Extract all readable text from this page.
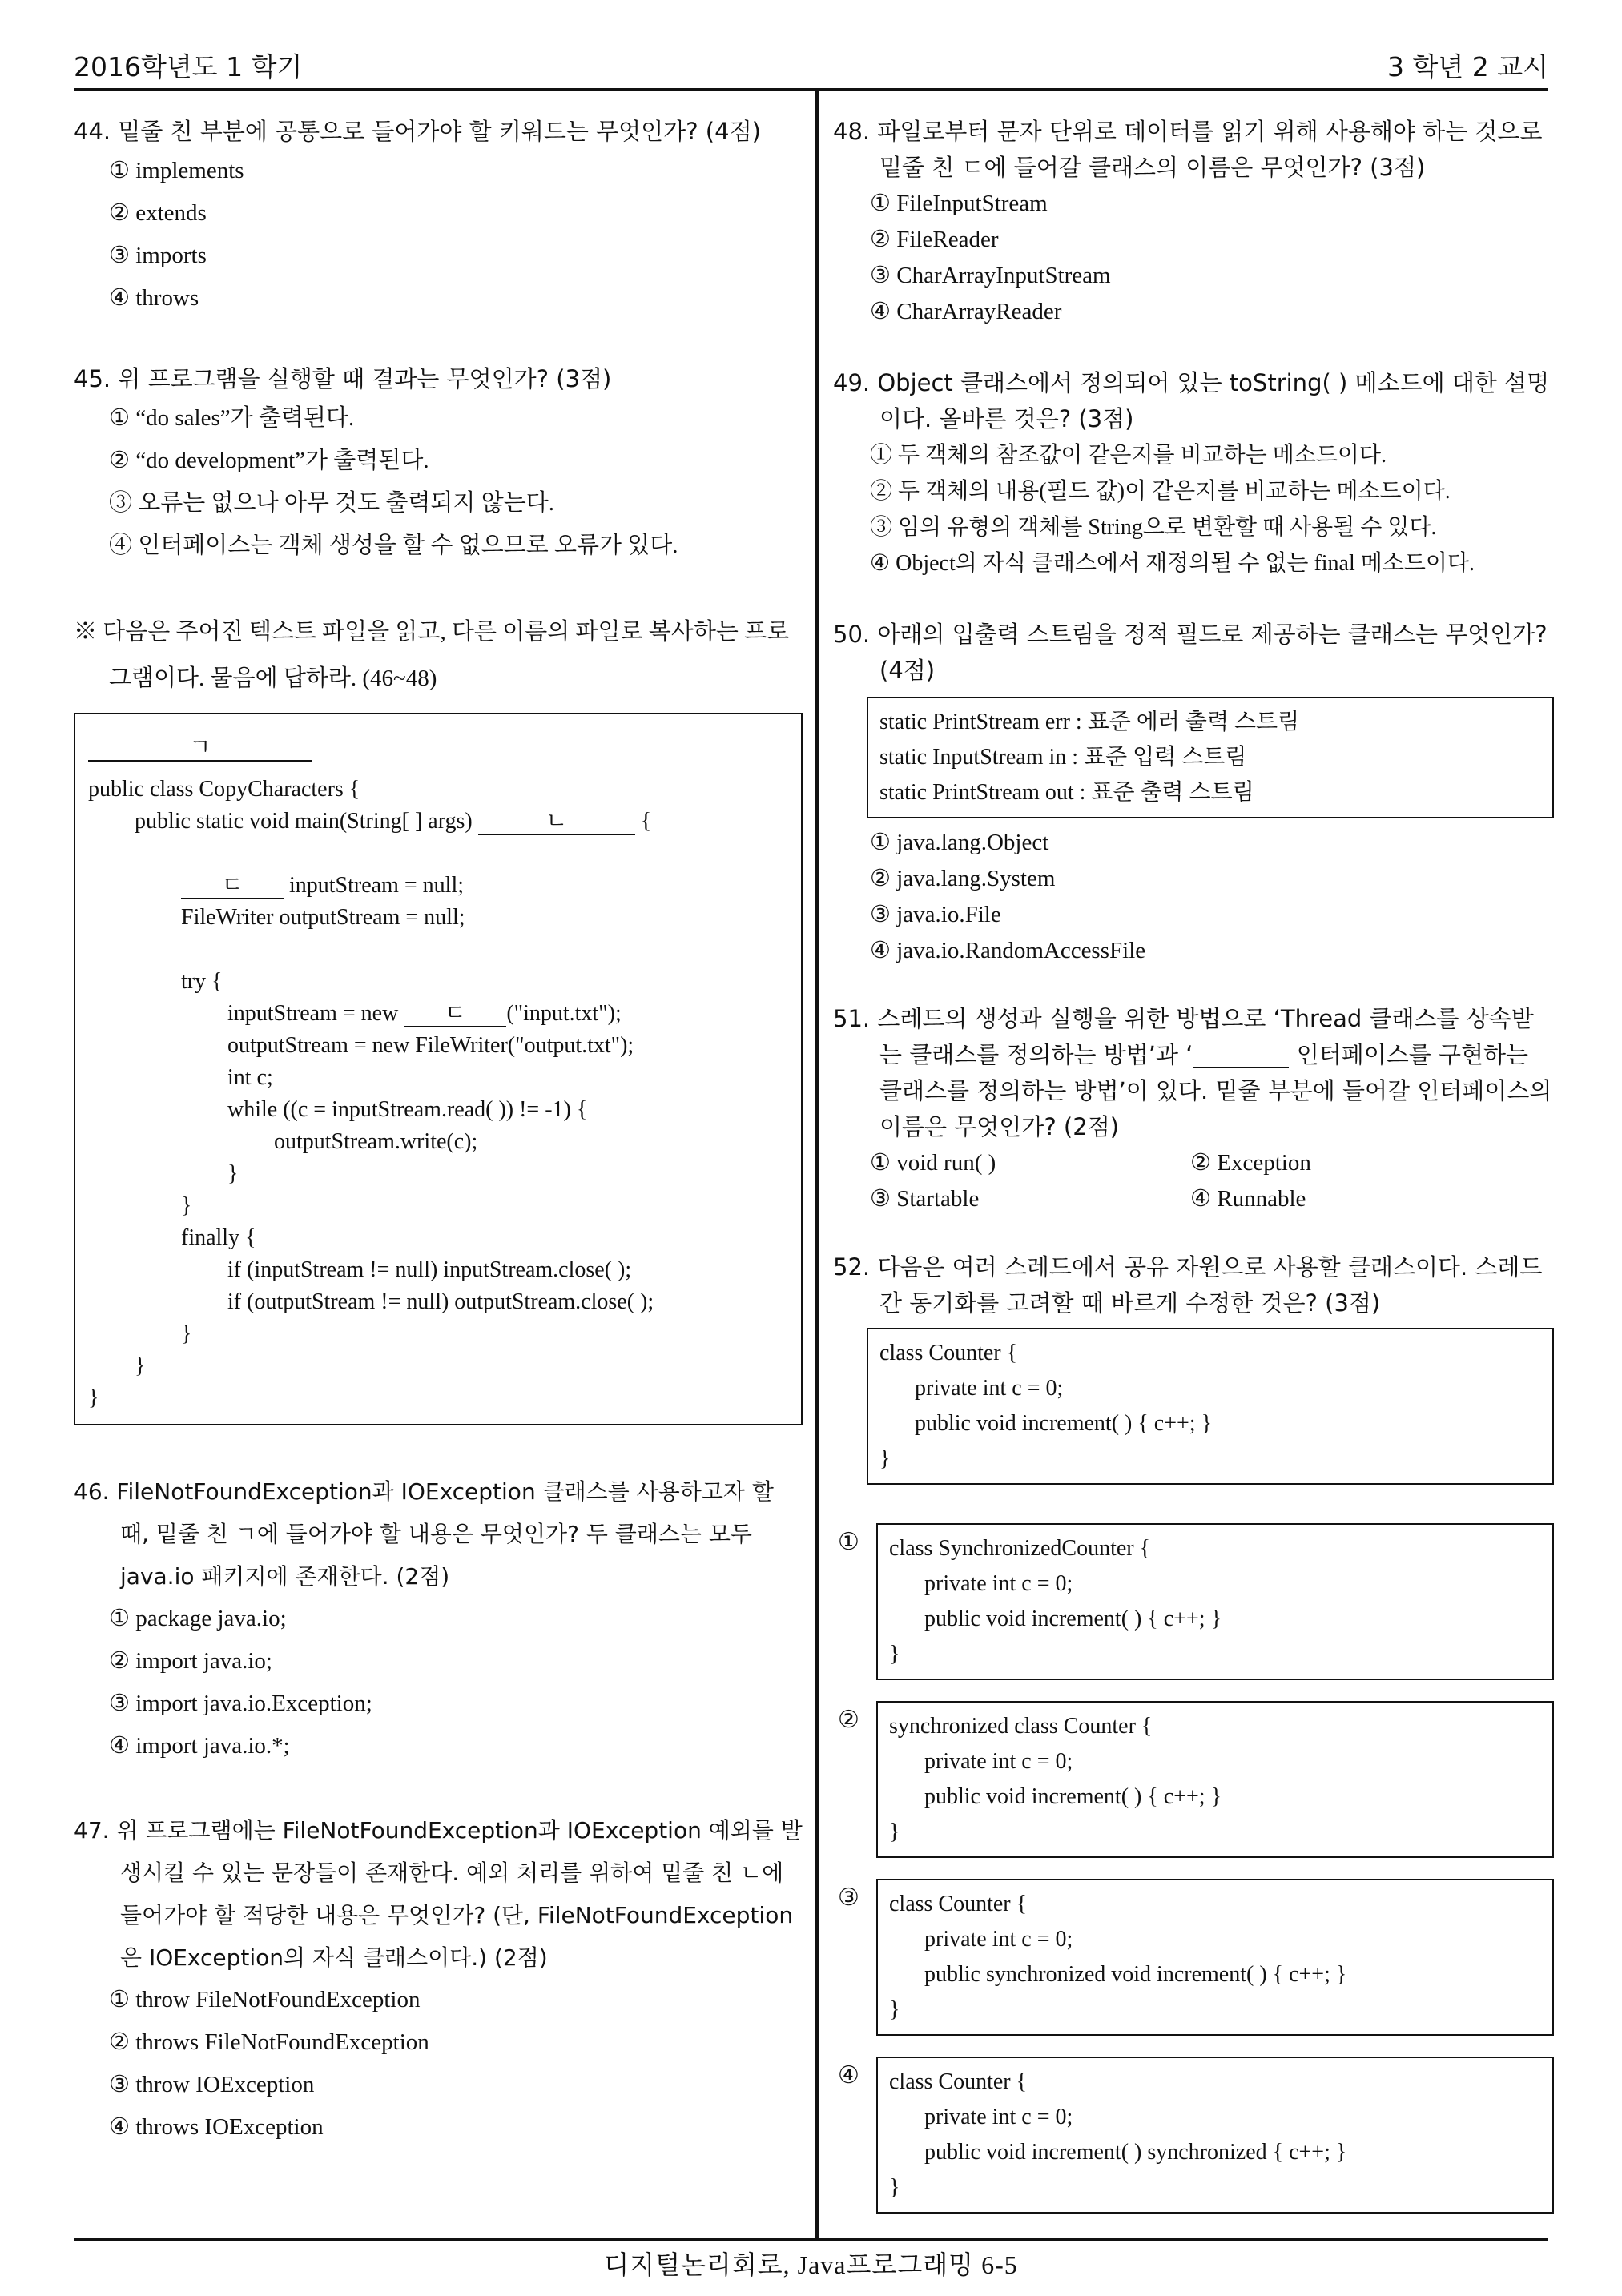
2016학년도 1 학기	3 학년 2 교시
44. 밑줄 친 부분에 공통으로 들어가야 할 키워드는 무엇인가? (4점)
① implements
② extends
③ imports
④ throws
45. 위 프로그램을 실행할 때 결과는 무엇인가? (3점)
① “do sales”가 출력된다.
② “do development”가 출력된다.
③ 오류는 없으나 아무 것도 출력되지 않는다.
④ 인터페이스는 객체 생성을 할 수 없으므로 오류가 있다.
※ 다음은 주어진 텍스트 파일을 읽고, 다른 이름의 파일로 복사하는 프로그램이다. 물음에 답하라. (46~48)
ㄱ
public class CopyCharacters {
public static void main(String[ ] args)	ㄴ	{
ㄷ inputStream = null;
FileWriter outputStream = null;
try {
inputStream = new ㄷ ("input.txt");
outputStream = new FileWriter("output.txt");
int c;
while ((c = inputStream.read( )) != -1) {
outputStream.write(c);
}
}
finally {
if (inputStream != null) inputStream.close( );
if (outputStream != null) outputStream.close( );
}
}
}
46. FileNotFoundException과 IOException 클래스를 사용하고자 할 때, 밑줄 친 ㄱ에 들어가야 할 내용은 무엇인가? 두 클래스는 모두 java.io 패키지에 존재한다. (2점)
① package java.io;
② import java.io;
③ import java.io.Exception;
④ import java.io.*;
47. 위 프로그램에는 FileNotFoundException과 IOException 예외를 발생시킬 수 있는 문장들이 존재한다. 예외 처리를 위하여 밑줄 친 ㄴ에 들어가야 할 적당한 내용은 무엇인가? (단, FileNotFoundException 은 IOException의 자식 클래스이다.) (2점)
① throw FileNotFoundException
② throws FileNotFoundException
③ throw IOException
④ throws IOException
48. 파일로부터 문자 단위로 데이터를 읽기 위해 사용해야 하는 것으로 밑줄 친 ㄷ에 들어갈 클래스의 이름은 무엇인가? (3점)
① FileInputStream
② FileReader
③ CharArrayInputStream
④ CharArrayReader
49. Object 클래스에서 정의되어 있는 toString( ) 메소드에 대한 설명이다. 올바른 것은? (3점)
① 두 객체의 참조값이 같은지를 비교하는 메소드이다.
② 두 객체의 내용(필드 값)이 같은지를 비교하는 메소드이다.
③ 임의 유형의 객체를 String으로 변환할 때 사용될 수 있다.
④ Object의 자식 클래스에서 재정의될 수 없는 final 메소드이다.
50. 아래의 입출력 스트림을 정적 필드로 제공하는 클래스는 무엇인가? (4점)
static PrintStream err : 표준 에러 출력 스트림
static InputStream in : 표준 입력 스트림
static PrintStream out : 표준 출력 스트림
① java.lang.Object
② java.lang.System
③ java.io.File
④ java.io.RandomAccessFile
51. 스레드의 생성과 실행을 위한 방법으로 ‘Thread 클래스를 상속받는 클래스를 정의하는 방법’과 ‘	인터페이스를 구현하는 클래스를 정의하는 방법’이 있다. 밑줄 부분에 들어갈 인터페이스의 이름은 무엇인가? (2점)
① void run( )	② Exception
③ Startable	④ Runnable
52. 다음은 여러 스레드에서 공유 자원으로 사용할 클래스이다. 스레드 간 동기화를 고려할 때 바르게 수정한 것은? (3점)
class Counter {
private int c = 0;
public void increment( ) { c++; }
}
①	class SynchronizedCounter {
private int c = 0;
public void increment( ) { c++; }
}
②	synchronized class Counter {
private int c = 0;
public void increment( ) { c++; }
}
③	class Counter {
private int c = 0;
public synchronized void increment( ) { c++; }
}
④	class Counter {
private int c = 0;
public void increment( ) synchronized { c++; }
}
디지털논리회로, Java프로그래밍 6-5
